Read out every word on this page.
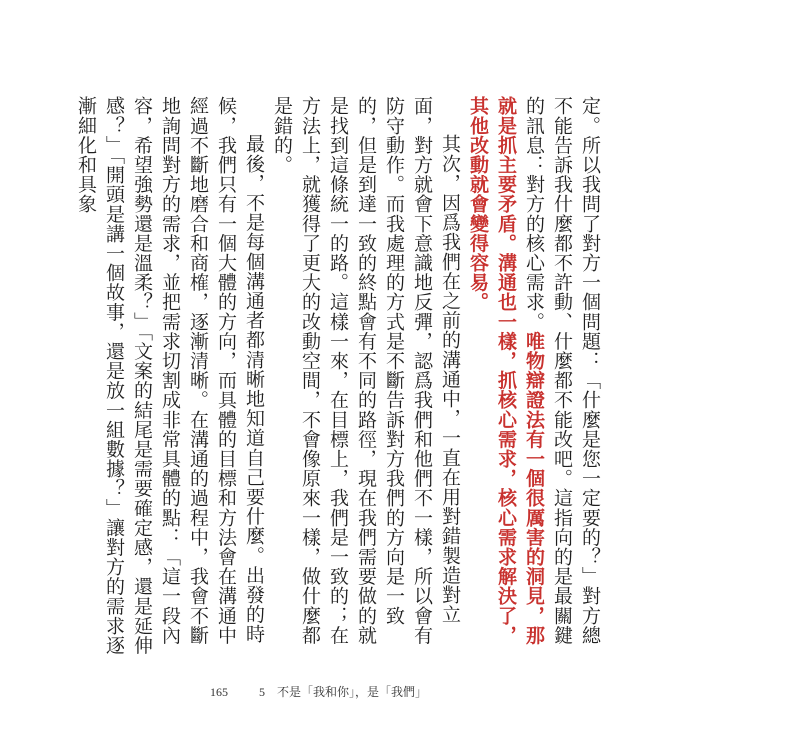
定。所以我問了對方一個問題：「什麼是您一定要的？」對方總不能告訴我什麼都不許動、什麼都不能改吧。這指向的是最關鍵的訊息：對方的核心需求。唯物辯證法有一個很厲害的洞見，那就是抓主要矛盾。溝通也一樣，抓核心需求，核心需求解決了，其他改動就會變得容易。

其次，因爲我們在之前的溝通中，一直在用對錯製造對立面，對方就會下意識地反彈，認爲我們和他們不一樣，所以會有防守動作。而我處理的方式是不斷告訴對方我們的方向是一致的，但是到達一致的終點會有不同的路徑，現在我們需要做的就是找到這條統一的路。這樣一來，在目標上，我們是一致的；在方法上，就獲得了更大的改動空間，不會像原來一樣，做什麼都是錯的。

最後，不是每個溝通者都清晰地知道自己要什麼。出發的時候，我們只有一個大體的方向，而具體的目標和方法會在溝通中經過不斷地磨合和商榷，逐漸清晰。在溝通的過程中，我會不斷地詢問對方的需求，並把需求切割成非常具體的點：「這一段內容，希望強勢還是溫柔？」「文案的結尾是需要確定感，還是延伸感？」「開頭是講一個故事，還是放一組數據？」讓對方的需求逐漸細化和具象

165	5　不是「我和你」，是「我們」
